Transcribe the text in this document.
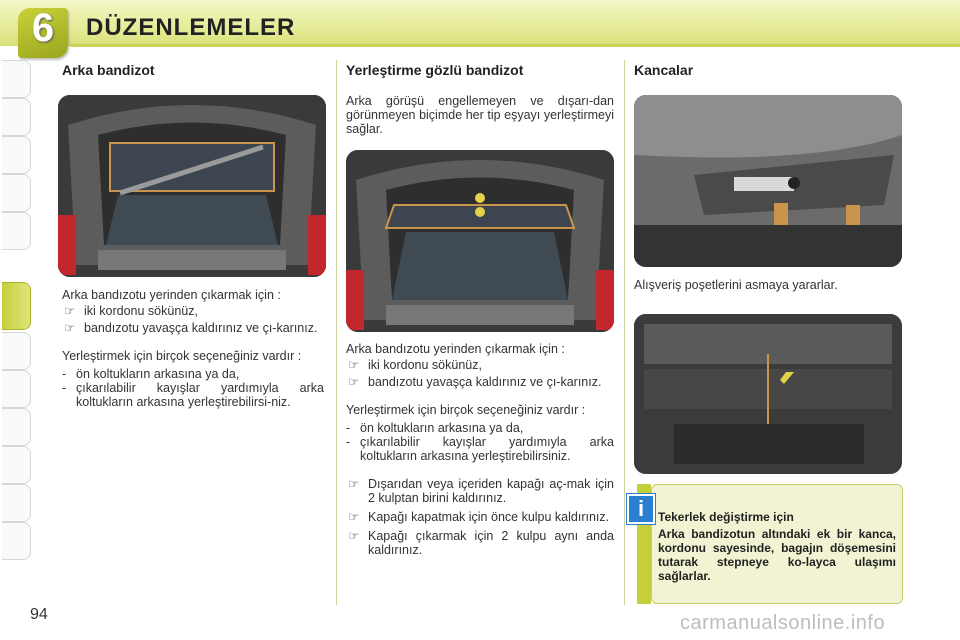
6	DÜZENLEMELER
Arka bandizot

Arka bandızotu yerinden çıkarmak için :

☞ iki kordonu sökünüz,

☞ bandızotu yavaşça kaldırınız ve çı-karınız.

Yerleştirmek için birçok seçeneğiniz vardır :

- ön koltukların arkasına ya da,

- çıkarılabilir kayışlar yardımıyla arka koltukların arkasına yerleştirebilirsi-niz.

Yerleştirme gözlü bandizot
Arka görüşü engellemeyen ve dışarı-dan görünmeyen biçimde her tip eşyayı yerleştirmeyi sağlar.

Arka bandızotu yerinden çıkarmak için :

☞ iki kordonu sökünüz,

☞ bandızotu yavaşça kaldırınız ve çı-karınız.

Yerleştirmek için birçok seçeneğiniz vardır :

- ön koltukların arkasına ya da,

- çıkarılabilir kayışlar yardımıyla arka koltukların arkasına yerleştirebilirsiniz.

☞ Dışarıdan veya içeriden kapağı aç-mak için 2 kulptan birini kaldırınız.

☞ Kapağı kapatmak için önce kulpu kaldırınız.

☞ Kapağı çıkarmak için 2 kulpu aynı anda kaldırınız.

Kancalar
Alışveriş poşetlerini asmaya yararlar.
i	Tekerlek değiştirme için
Arka bandizotun altındaki ek bir kanca, kordonu sayesinde, bagajın döşemesini tutarak stepneye ko-layca ulaşımı sağlarlar.
94	carmanualsonline.info
